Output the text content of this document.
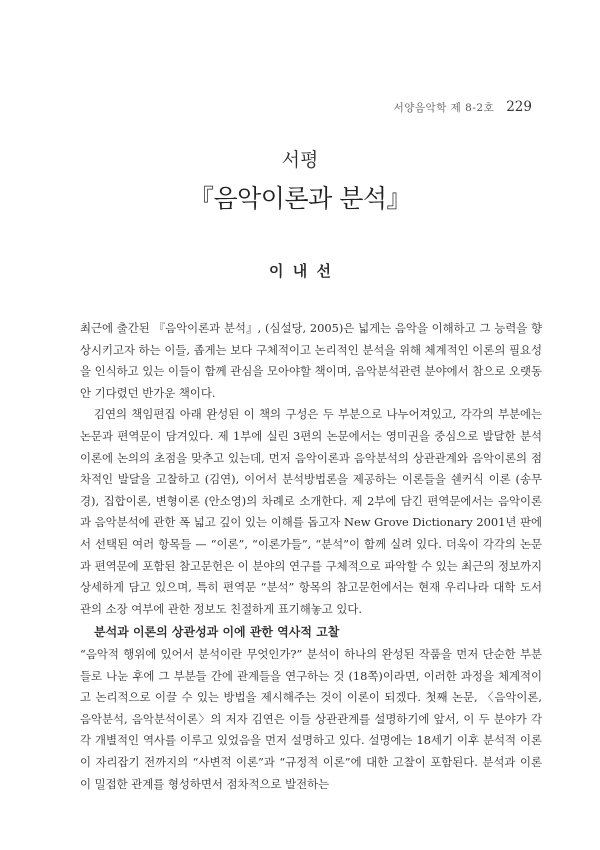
서양음악학 제 8-2호 229
서평
『음악이론과 분석』
이 내 선

최근에 출간된 『음악이론과 분석』, (심설당, 2005)은 넓게는 음악을 이해하고 그 능력을 향상시키고자 하는 이들, 좁게는 보다 구체적이고 논리적인 분석을 위해 체계적인 이론의 필요성을 인식하고 있는 이들이 함께 관심을 모아야할 책이며, 음악분석관련 분야에서 참으로 오랫동안 기다렸던 반가운 책이다.

김연의 책임편집 아래 완성된 이 책의 구성은 두 부분으로 나누어져있고, 각각의 부분에는 논문과 편역문이 담겨있다. 제 1부에 실린 3편의 논문에서는 영미권을 중심으로 발달한 분석이론에 논의의 초점을 맞추고 있는데, 먼저 음악이론과 음악분석의 상관관계와 음악이론의 점차적인 발달을 고찰하고 (김연), 이어서 분석방법론을 제공하는 이론들을 쉔커식 이론 (송무경), 집합이론, 변형이론 (안소영)의 차례로 소개한다. 제 2부에 담긴 편역문에서는 음악이론과 음악분석에 관한 폭 넓고 깊이 있는 이해를 돕고자 New Grove Dictionary 2001년 판에서 선택된 여러 항목들 — “이론”, “이론가들”, “분석”이 함께 실려 있다. 더욱이 각각의 논문과 편역문에 포함된 참고문헌은 이 분야의 연구를 구체적으로 파악할 수 있는 최근의 정보까지 상세하게 담고 있으며, 특히 편역문 “분석” 항목의 참고문헌에서는 현재 우리나라 대학 도서관의 소장 여부에 관한 정보도 친절하게 표기해놓고 있다.

분석과 이론의 상관성과 이에 관한 역사적 고찰

“음악적 행위에 있어서 분석이란 무엇인가?” 분석이 하나의 완성된 작품을 먼저 단순한 부분들로 나눈 후에 그 부분들 간에 관계들을 연구하는 것 (18쪽)이라면, 이러한 과정을 체계적이고 논리적으로 이끌 수 있는 방법을 제시해주는 것이 이론이 되겠다. 첫째 논문, 〈음악이론, 음악분석, 음악분석이론〉의 저자 김연은 이들 상관관계를 설명하기에 앞서, 이 두 분야가 각각 개별적인 역사를 이루고 있었음을 먼저 설명하고 있다. 설명에는 18세기 이후 분석적 이론이 자리잡기 전까지의 “사변적 이론”과 “규정적 이론”에 대한 고찰이 포함된다. 분석과 이론이 밀접한 관계를 형성하면서 점차적으로 발전하는
